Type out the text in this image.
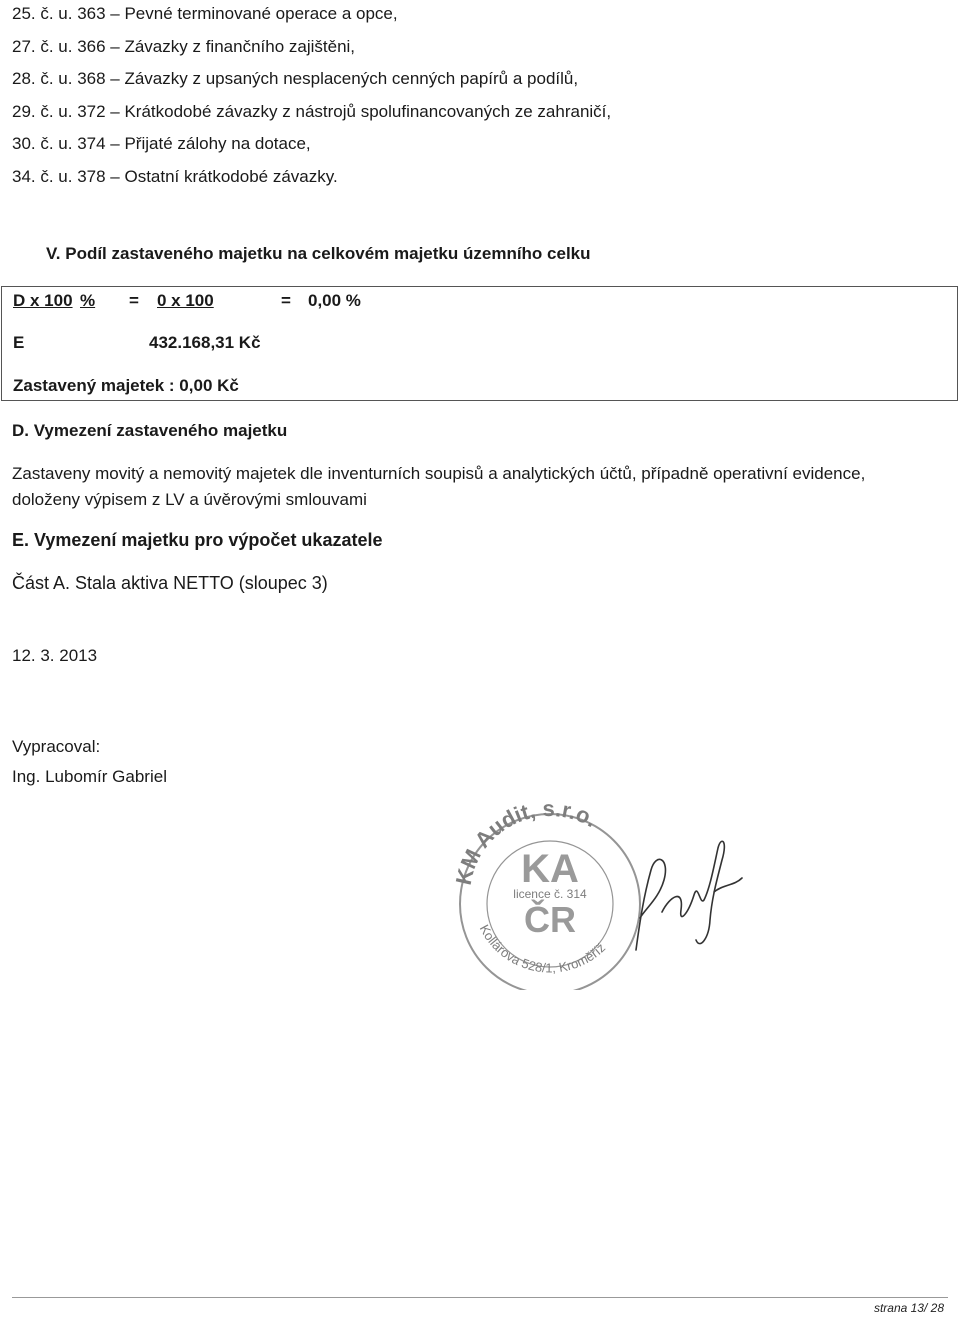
25. č. u. 363 – Pevné terminované operace a opce,
27. č. u. 366 – Závazky z finančního zajištěni,
28. č. u. 368 – Závazky z upsaných nesplacených cenných papírů a podílů,
29. č. u. 372 – Krátkodobé závazky z nástrojů spolufinancovaných ze zahraničí,
30. č. u. 374 – Přijaté zálohy na dotace,
34. č. u. 378 – Ostatní krátkodobé závazky.
V. Podíl zastaveného majetku na celkovém majetku územního celku
D x 100 % = 0 x 100	= 0,00 %
E	432.168,31 Kč
Zastavený majetek : 0,00 Kč
D. Vymezení zastaveného majetku
Zastaveny movitý a nemovitý majetek dle inventurních soupisů a analytických účtů, případně operativní evidence, doloženy výpisem z LV a úvěrovými smlouvami
E. Vymezení majetku pro výpočet ukazatele
Část A. Stala aktiva NETTO (sloupec 3)
12. 3. 2013
Vypracoval:
Ing. Lubomír Gabriel
KM Audit, s.r.o.
Kollárova 528/1, Kroměříž
KA
licence č. 314
ČR
strana 13/ 28
